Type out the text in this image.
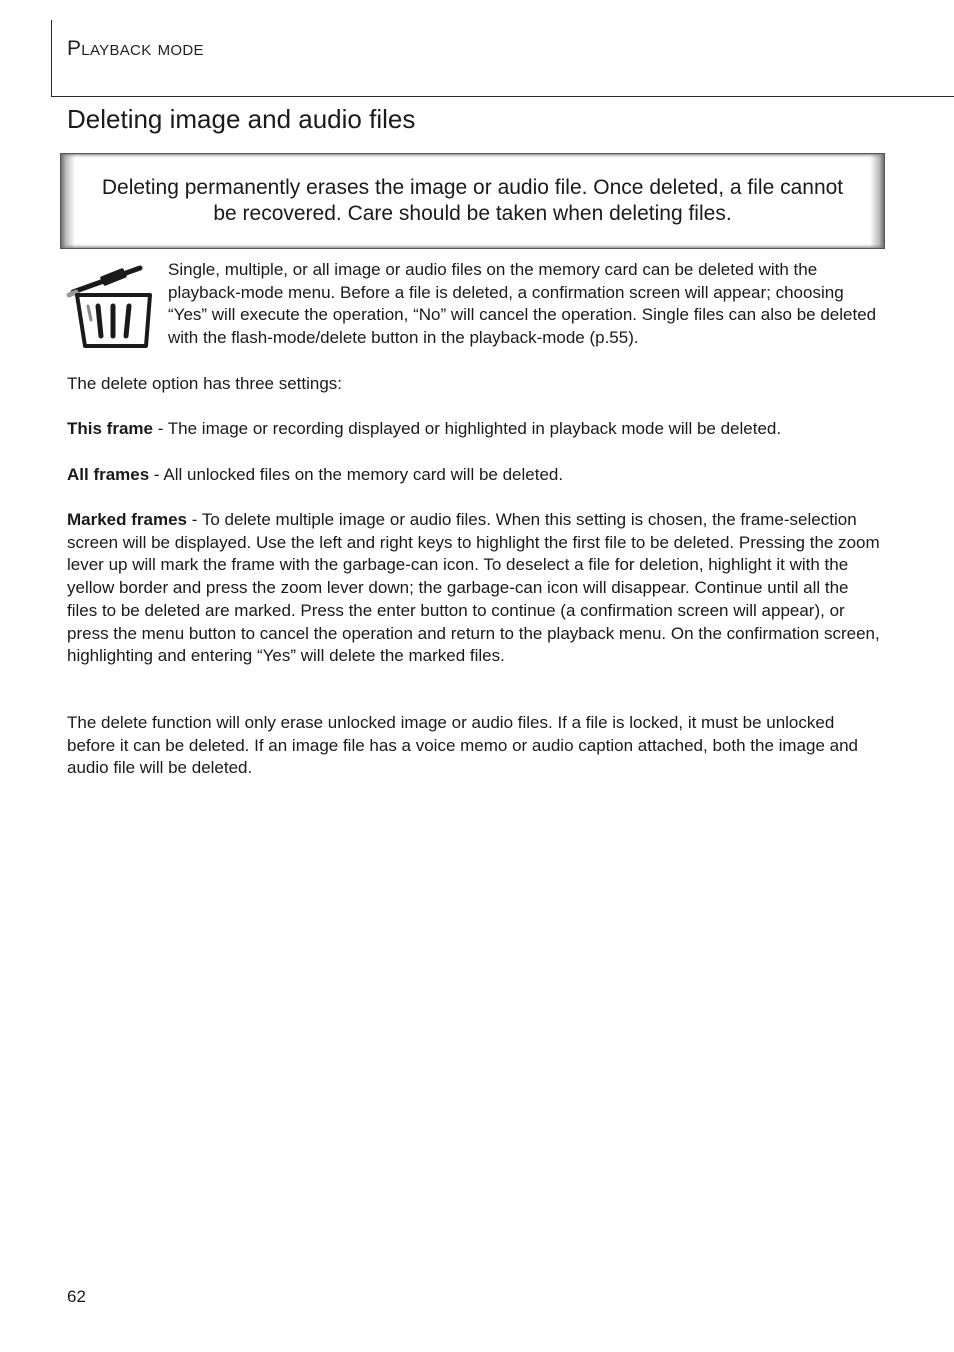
Playback mode

Deleting image and audio files

Deleting permanently erases the image or audio file. Once deleted, a file cannot be recovered. Care should be taken when deleting files.

Single, multiple, or all image or audio files on the memory card can be deleted with the playback-mode menu. Before a file is deleted, a confirmation screen will appear; choosing “Yes” will execute the operation, “No” will cancel the operation. Single files can also be deleted with the flash-mode/delete button in the playback-mode (p.55).

The delete option has three settings:

This frame - The image or recording displayed or highlighted in playback mode will be deleted.

All frames - All unlocked files on the memory card will be deleted.

Marked frames - To delete multiple image or audio files. When this setting is chosen, the frame-selection screen will be displayed. Use the left and right keys to highlight the first file to be deleted. Pressing the zoom lever up will mark the frame with the garbage-can icon. To deselect a file for deletion, highlight it with the yellow border and press the zoom lever down; the garbage-can icon will disappear. Continue until all the files to be deleted are marked. Press the enter button to continue (a confirmation screen will appear), or press the menu button to cancel the operation and return to the playback menu. On the confirmation screen, highlighting and entering “Yes” will delete the marked files.

The delete function will only erase unlocked image or audio files. If a file is locked, it must be unlocked before it can be deleted. If an image file has a voice memo or audio caption attached, both the image and audio file will be deleted.

62
